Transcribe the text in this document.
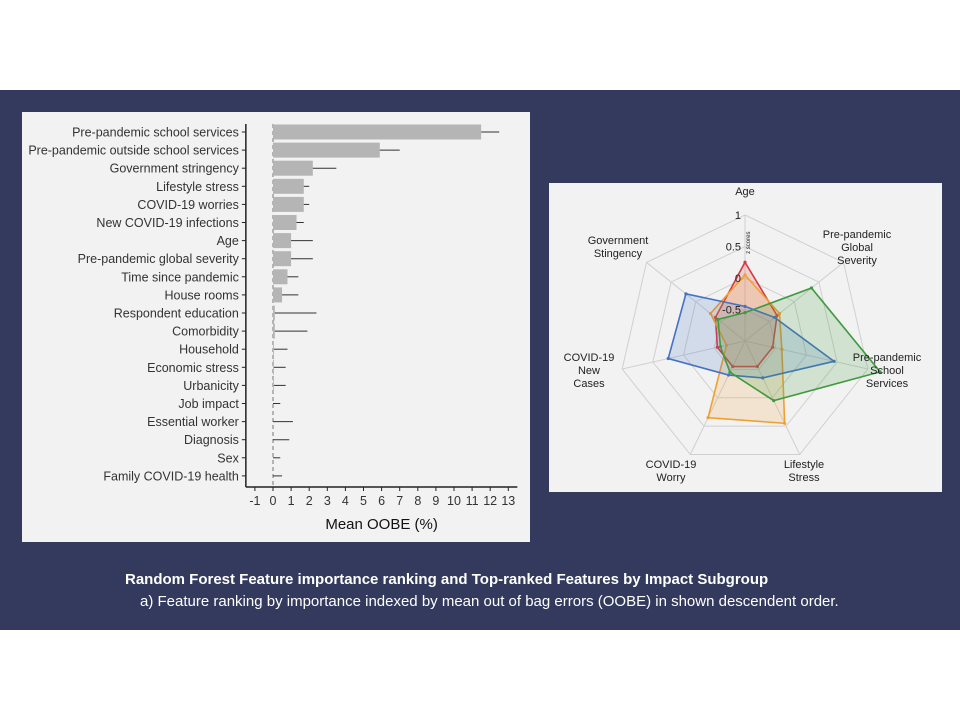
Pre-pandemic school services
Pre-pandemic outside school services
Government stringency
Lifestyle stress
COVID-19 worries
New COVID-19 infections
Age
Pre-pandemic global severity
Time since pandemic
House rooms
Respondent education
Comorbidity
Household
Economic stress
Urbanicity
Job impact
Essential worker
Diagnosis
Sex
Family COVID-19 health
-1 0 1 2 3 4 5 6 7 8 9 10 11 12 13
Mean OOBE (%)
1
0.5
0
-0.5
z scores
Age
Pre-pandemic Global Severity
Pre-pandemic School Services
Lifestyle Stress
COVID-19 Worry
COVID-19 New Cases
Government Stingency
Random Forest Feature importance ranking and Top-ranked Features by Impact Subgroup
a) Feature ranking by importance indexed by mean out of bag errors (OOBE) in shown descendent order.
